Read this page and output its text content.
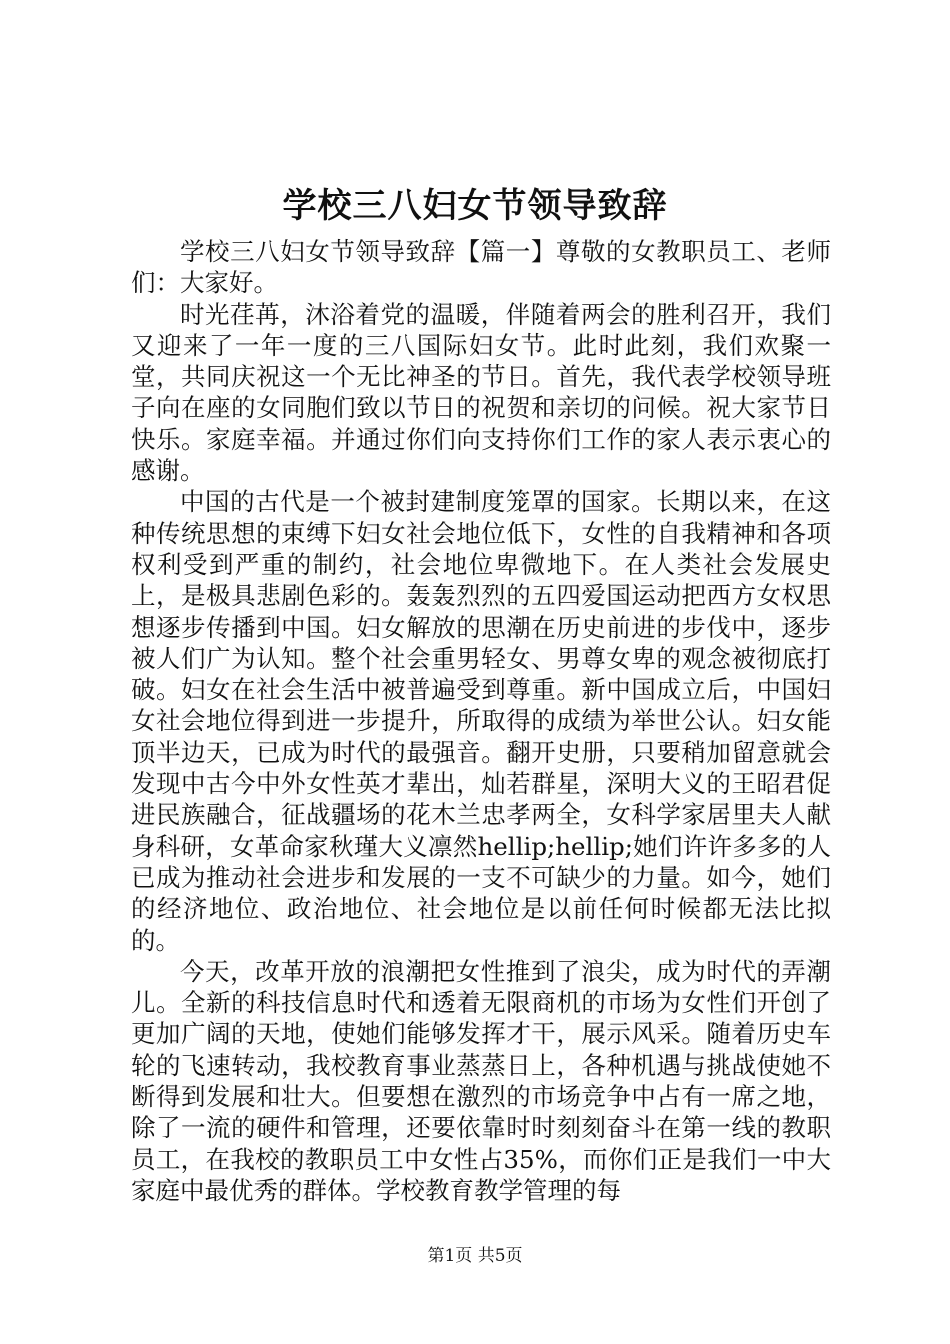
学校三八妇女节领导致辞

学校三八妇女节领导致辞【篇一】尊敬的女教职员工、老师们：大家好。

时光荏苒，沐浴着党的温暖，伴随着两会的胜利召开，我们又迎来了一年一度的三八国际妇女节。此时此刻，我们欢聚一堂，共同庆祝这一个无比神圣的节日。首先，我代表学校领导班子向在座的女同胞们致以节日的祝贺和亲切的问候。祝大家节日快乐。家庭幸福。并通过你们向支持你们工作的家人表示衷心的感谢。

中国的古代是一个被封建制度笼罩的国家。长期以来，在这种传统思想的束缚下妇女社会地位低下，女性的自我精神和各项权利受到严重的制约，社会地位卑微地下。在人类社会发展史上，是极具悲剧色彩的。轰轰烈烈的五四爱国运动把西方女权思想逐步传播到中国。妇女解放的思潮在历史前进的步伐中，逐步被人们广为认知。整个社会重男轻女、男尊女卑的观念被彻底打破。妇女在社会生活中被普遍受到尊重。新中国成立后，中国妇女社会地位得到进一步提升，所取得的成绩为举世公认。妇女能顶半边天，已成为时代的最强音。翻开史册，只要稍加留意就会发现中古今中外女性英才辈出，灿若群星，深明大义的王昭君促进民族融合，征战疆场的花木兰忠孝两全，女科学家居里夫人献身科研，女革命家秋瑾大义凛然hellip;hellip;她们许许多多的人已成为推动社会进步和发展的一支不可缺少的力量。如今，她们的经济地位、政治地位、社会地位是以前任何时候都无法比拟的。

今天，改革开放的浪潮把女性推到了浪尖，成为时代的弄潮儿。全新的科技信息时代和透着无限商机的市场为女性们开创了更加广阔的天地，使她们能够发挥才干，展示风采。随着历史车轮的飞速转动，我校教育事业蒸蒸日上，各种机遇与挑战使她不断得到发展和壮大。但要想在激烈的市场竞争中占有一席之地，除了一流的硬件和管理，还要依靠时时刻刻奋斗在第一线的教职员工，在我校的教职员工中女性占35%，而你们正是我们一中大家庭中最优秀的群体。学校教育教学管理的每

第1页 共5页
